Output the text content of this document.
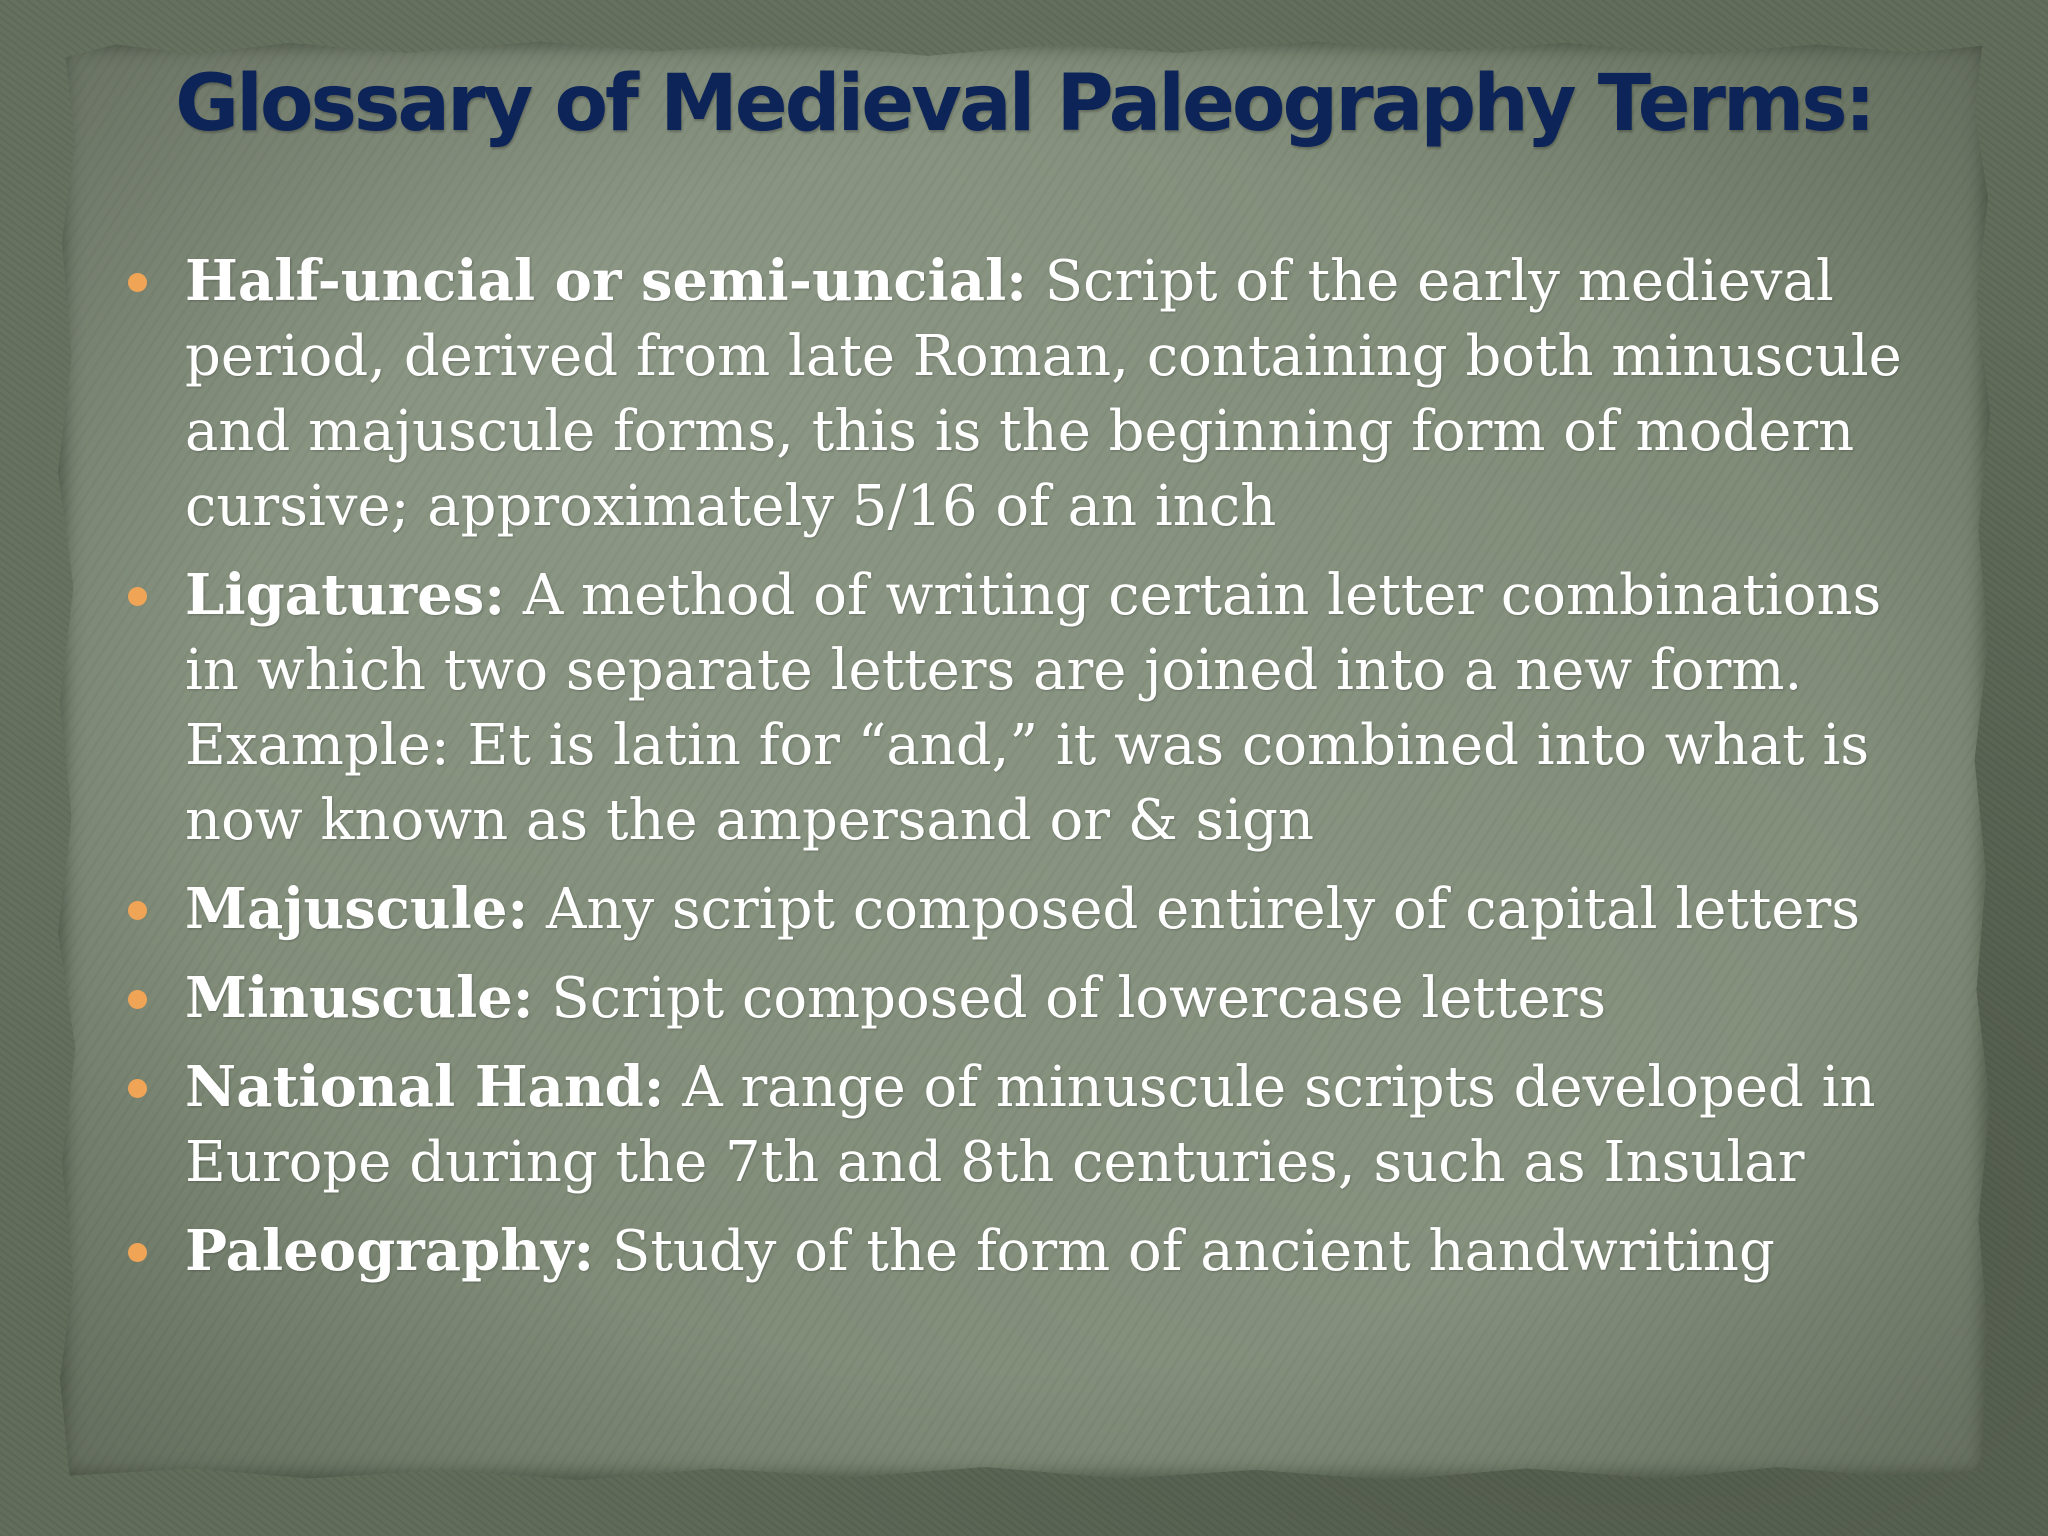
Glossary of Medieval Paleography Terms:
Half-uncial or semi-uncial: Script of the early medieval period, derived from late Roman, containing both minuscule and majuscule forms, this is the beginning form of modern cursive; approximately 5/16 of an inch
Ligatures: A method of writing certain letter combinations in which two separate letters are joined into a new form. Example: Et is latin for “and,” it was combined into what is now known as the ampersand or & sign
Majuscule: Any script composed entirely of capital letters
Minuscule: Script composed of lowercase letters
National Hand: A range of minuscule scripts developed in Europe during the 7th and 8th centuries, such as Insular
Paleography: Study of the form of ancient handwriting
